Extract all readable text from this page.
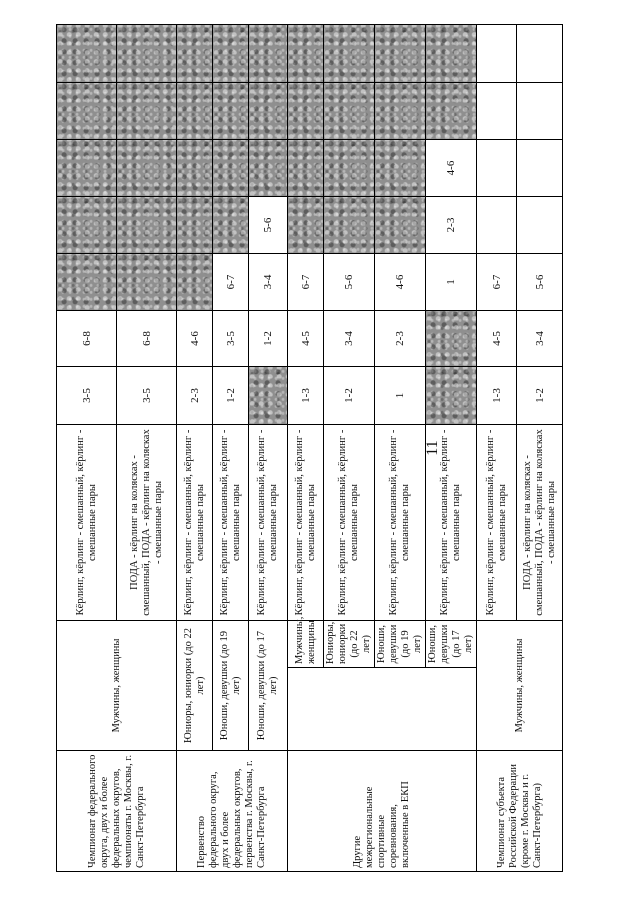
11
Чемпионат федерального округа, двух и более федеральных округов, чемпионаты г. Москвы, г. Санкт-Петербурга	Мужчины, женщины		Кёрлинг, кёрлинг - смешанный, кёрлинг - смешанные пары	3-5	6-8					
			ПОДА - кёрлинг на колясках - смешанный, ПОДА - кёрлинг на колясках - смешанные пары	3-5	6-8					
Первенство федерального округа, двух и более федеральных округов, первенства г. Москвы, г. Санкт-Петербурга	Юниоры, юниорки (до 22 лет)		Кёрлинг, кёрлинг - смешанный, кёрлинг - смешанные пары	2-3	4-6					
	Юноши, девушки (до 19 лет)		Кёрлинг, кёрлинг - смешанный, кёрлинг - смешанные пары	1-2	3-5	6-7				
	Юноши, девушки (до 17 лет)		Кёрлинг, кёрлинг - смешанный, кёрлинг - смешанные пары		1-2	3-4	5-6			
Другие межрегиональные спортивные соревнования, включенные в ЕКП		Мужчины, женщины	Кёрлинг, кёрлинг - смешанный, кёрлинг - смешанные пары	1-3	4-5	6-7				
		Юниоры, юниорки (до 22 лет)	Кёрлинг, кёрлинг - смешанный, кёрлинг - смешанные пары	1-2	3-4	5-6				
		Юноши, девушки (до 19 лет)	Кёрлинг, кёрлинг - смешанный, кёрлинг - смешанные пары	1	2-3	4-6				
		Юноши, девушки (до 17 лет)	Кёрлинг, кёрлинг - смешанный, кёрлинг - смешанные пары			1	2-3	4-6		
Чемпионат субъекта Российской Федерации (кроме г. Москвы и г. Санкт-Петербурга)	Мужчины, женщины		Кёрлинг, кёрлинг - смешанный, кёрлинг - смешанные пары	1-3	4-5	6-7				
			ПОДА - кёрлинг на колясках - смешанный, ПОДА - кёрлинг на колясках - смешанные пары	1-2	3-4	5-6				
